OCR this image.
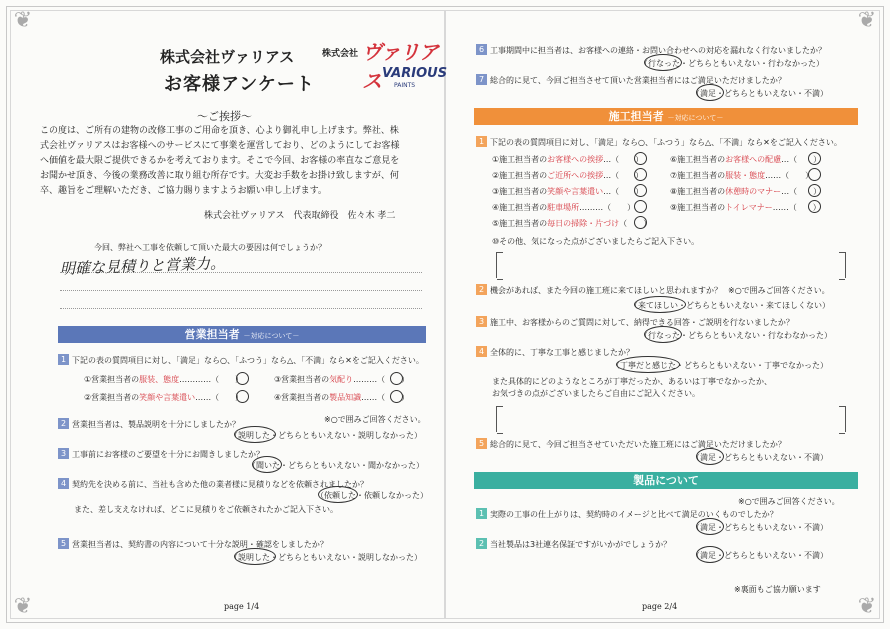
❦	❦
❦	❦
株式会社ヴァリアス
お客様アンケート
株式会社 ヴァリアス VARIOUS
PAINTS
～ご挨拶～
この度は、ご所有の建物の改修工事のご用命を頂き、心より御礼申し上げます。弊社、株
式会社ヴァリアスはお客様へのサービスにて事業を運営しており、どのようにしてお客様
へ価値を最大限ご提供できるかを考えております。そこで今回、お客様の率直なご意見を
お聞かせ頂き、今後の業務改善に取り組む所存です。大変お手数をお掛け致しますが、何
卒、趣旨をご理解いただき、ご協力賜りますようお願い申し上げます。
株式会社ヴァリアス　代表取締役　佐々木 孝二
今回、弊社へ工事を依頼して頂いた最大の要因は何でしょうか？
明確な見積りと営業力。
営業担当者 －対応について－
1 下記の表の質問項目に対し、「満足」なら○、「ふつう」なら△、「不満」なら✕をご記入ください。
①営業担当者の服装、態度…………（ ）	③営業担当者の気配り………（ ）
②営業担当者の笑顔や言葉遣い……（ ）	④営業担当者の製品知識……（ ）
※○で囲みご回答ください。
2 営業担当者は、製品説明を十分にしましたか？
（説明した・どちらともいえない・説明しなかった）
3 工事前にお客様のご要望を十分にお聞きしましたか？
（聞いた・どちらともいえない・聞かなかった）
4 契約先を決める前に、当社も含めた他の業者様に見積りなどを依頼されましたか？
（依頼した・依頼しなかった）
また、差し支えなければ、どこに見積りをご依頼されたかご記入下さい。
5 営業担当者は、契約書の内容について十分な説明・確認をしましたか？
（説明した・どちらともいえない・説明しなかった）
page 1/4
6 工事期間中に担当者は、お客様への連絡・お問い合わせへの対応を漏れなく行ないましたか？
（行なった・どちらともいえない・行わなかった）
7 総合的に見て、今回ご担当させて頂いた営業担当者にはご満足いただけましたか？
（満足・どちらともいえない・不満）
施工担当者 －対応について－
1 下記の表の質問項目に対し、「満足」なら○、「ふつう」なら△、「不満」なら✕をご記入ください。
①施工担当者のお客様への挨拶…（ ）	⑥施工担当者のお客様への配慮…（ ）
②施工担当者のご近所への挨拶…（ ）	⑦施工担当者の服装・態度……（ ）
③施工担当者の笑顔や言葉遣い…（ ）	⑧施工担当者の休憩時のマナー…（ ）
④施工担当者の駐車場所………（ ）	⑨施工担当者のトイレマナー……（ ）
⑤施工担当者の毎日の掃除・片づけ（ ）
⑩その他、気になった点がございましたらご記入下さい。
2 機会があれば、また今回の施工班に来てほしいと思われますか？ ※○で囲みご回答ください。
（来てほしい・どちらともいえない・来てほしくない）
3 施工中、お客様からのご質問に対して、納得できる回答・ご説明を行ないましたか？
（行なった・どちらともいえない・行なわなかった）
4 全体的に、丁寧な工事と感じましたか？
（丁寧だと感じた・どちらともいえない・丁寧でなかった）
また具体的にどのようなところが丁寧だったか、あるいは丁寧でなかったか、
お気づきの点がございましたらご自由にご記入ください。
5 総合的に見て、今回ご担当させていただいた施工班にはご満足いただけましたか？
（満足・どちらともいえない・不満）
製品について
※○で囲みご回答ください。
1 実際の工事の仕上がりは、契約時のイメージと比べて満足のいくものでしたか？
（満足・どちらともいえない・不満）
2 当社製品は3社連名保証ですがいかがでしょうか？
（満足・どちらともいえない・不満）
※裏面もご協力願います
page 2/4
